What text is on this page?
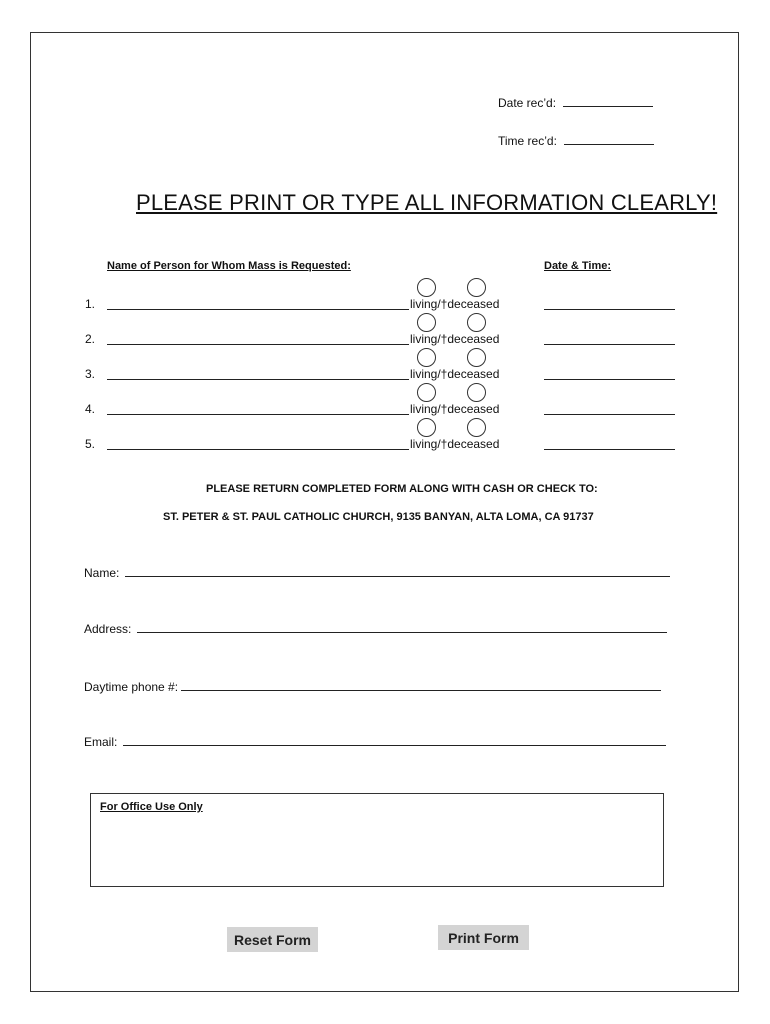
Date rec’d:
Time rec’d:
PLEASE PRINT OR TYPE ALL INFORMATION CLEARLY!
Name of Person for Whom Mass is Requested:	Date & Time:
1.	living/†deceased
2.	living/†deceased
3.	living/†deceased
4.	living/†deceased
5.	living/†deceased
PLEASE RETURN COMPLETED FORM ALONG WITH CASH OR CHECK TO:
ST. PETER & ST. PAUL CATHOLIC CHURCH, 9135 BANYAN, ALTA LOMA, CA 91737
Name:
Address:
Daytime phone #:
Email:
For Office Use Only
Reset Form	Print Form
